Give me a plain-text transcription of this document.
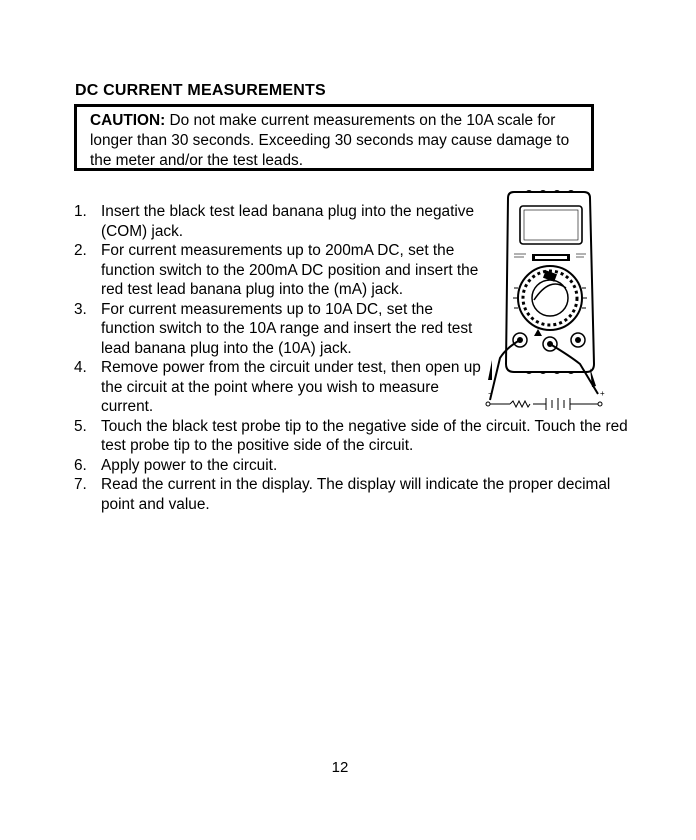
DC CURRENT MEASUREMENTS
CAUTION: Do not make current measurements on the 10A scale for longer than 30 seconds. Exceeding 30 seconds may cause damage to the meter and/or the test leads.
1. Insert the black test lead banana plug into the negative (COM) jack.
2. For current measurements up to 200mA DC, set the function switch to the 200mA DC position and insert the red test lead banana plug into the (mA) jack.
3. For current measurements up to 10A DC, set the function switch to the 10A range and insert the red test lead banana plug into the (10A) jack.
4. Remove power from the circuit under test, then open up the circuit at the point where you wish to measure current.
5. Touch the black test probe tip to the negative side of the circuit. Touch the red test probe tip to the positive side of the circuit.
6. Apply power to the circuit.
7. Read the current in the display. The display will indicate the proper decimal point and value.
−	+
12
